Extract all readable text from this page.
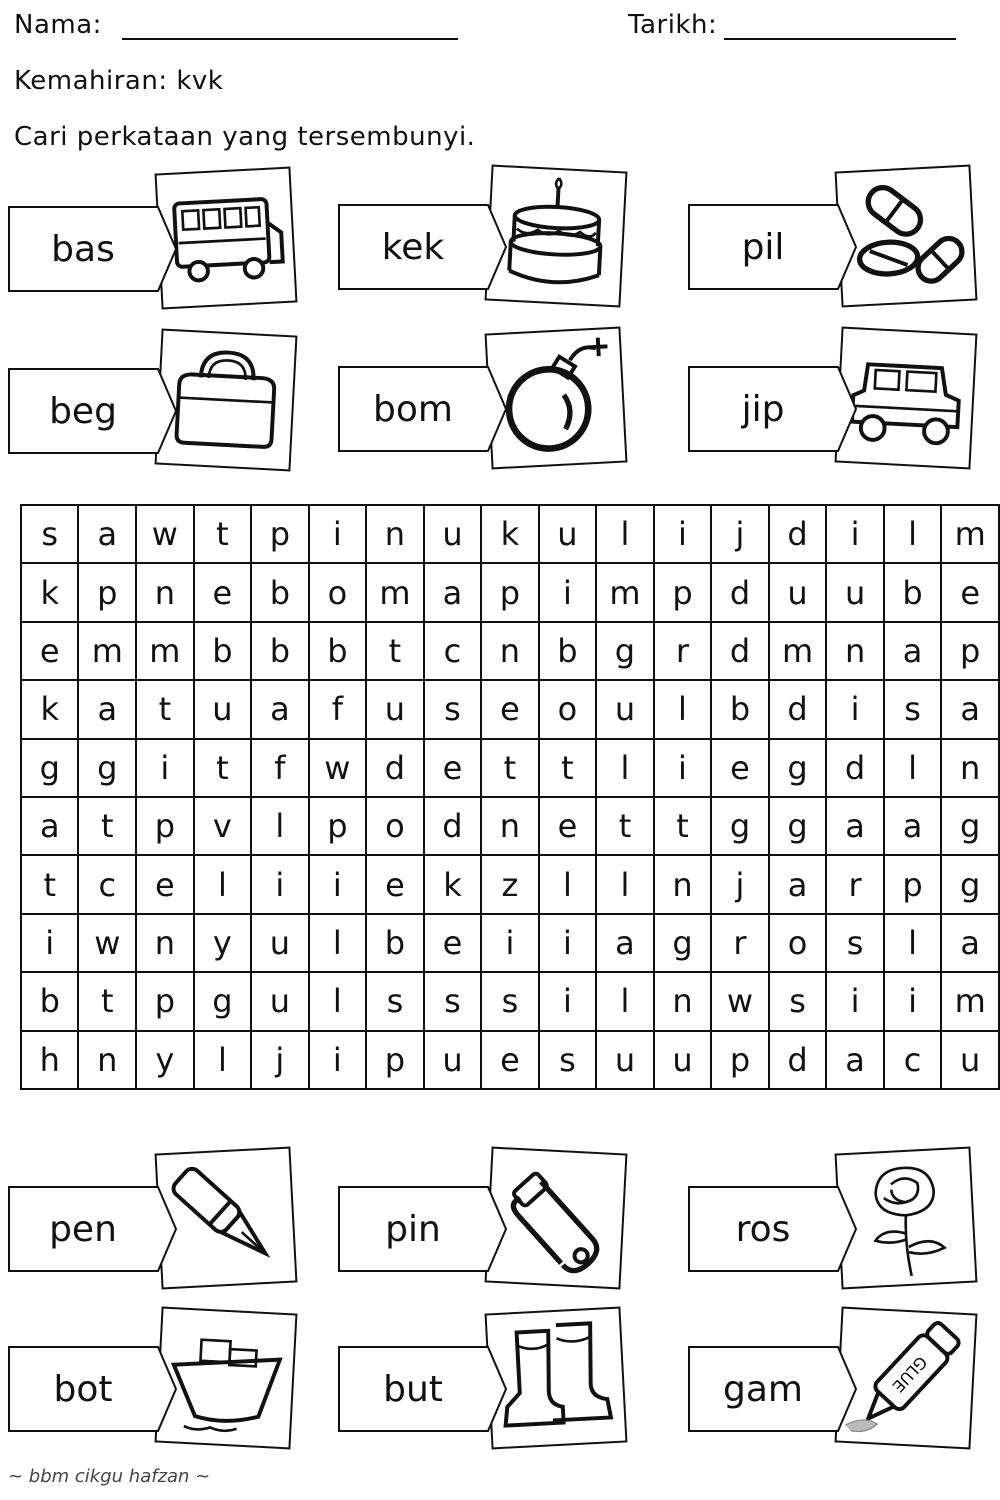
Nama:	Tarikh:
Kemahiran: kvk
Cari perkataan yang tersembunyi.
bas	kek	pil
beg	bom	jip
s	a	w	t	p	i	n	u	k	u	l	i	j	d	i	l	m
k	p	n	e	b	o	m	a	p	i	m	p	d	u	u	b	e
e	m	m	b	b	b	t	c	n	b	g	r	d	m	n	a	p
k	a	t	u	a	f	u	s	e	o	u	l	b	d	i	s	a
g	g	i	t	f	w	d	e	t	t	l	i	e	g	d	l	n
a	t	p	v	l	p	o	d	n	e	t	t	g	g	a	a	g
t	c	e	l	i	i	e	k	z	l	l	n	j	a	r	p	g
i	w	n	y	u	l	b	e	i	i	a	g	r	o	s	l	a
b	t	p	g	u	l	s	s	s	i	l	n	w	s	i	i	m
h	n	y	l	j	i	p	u	e	s	u	u	p	d	a	c	u
pen	pin	ros
bot	but	GLUE
gam
~ bbm cikgu hafzan ~
